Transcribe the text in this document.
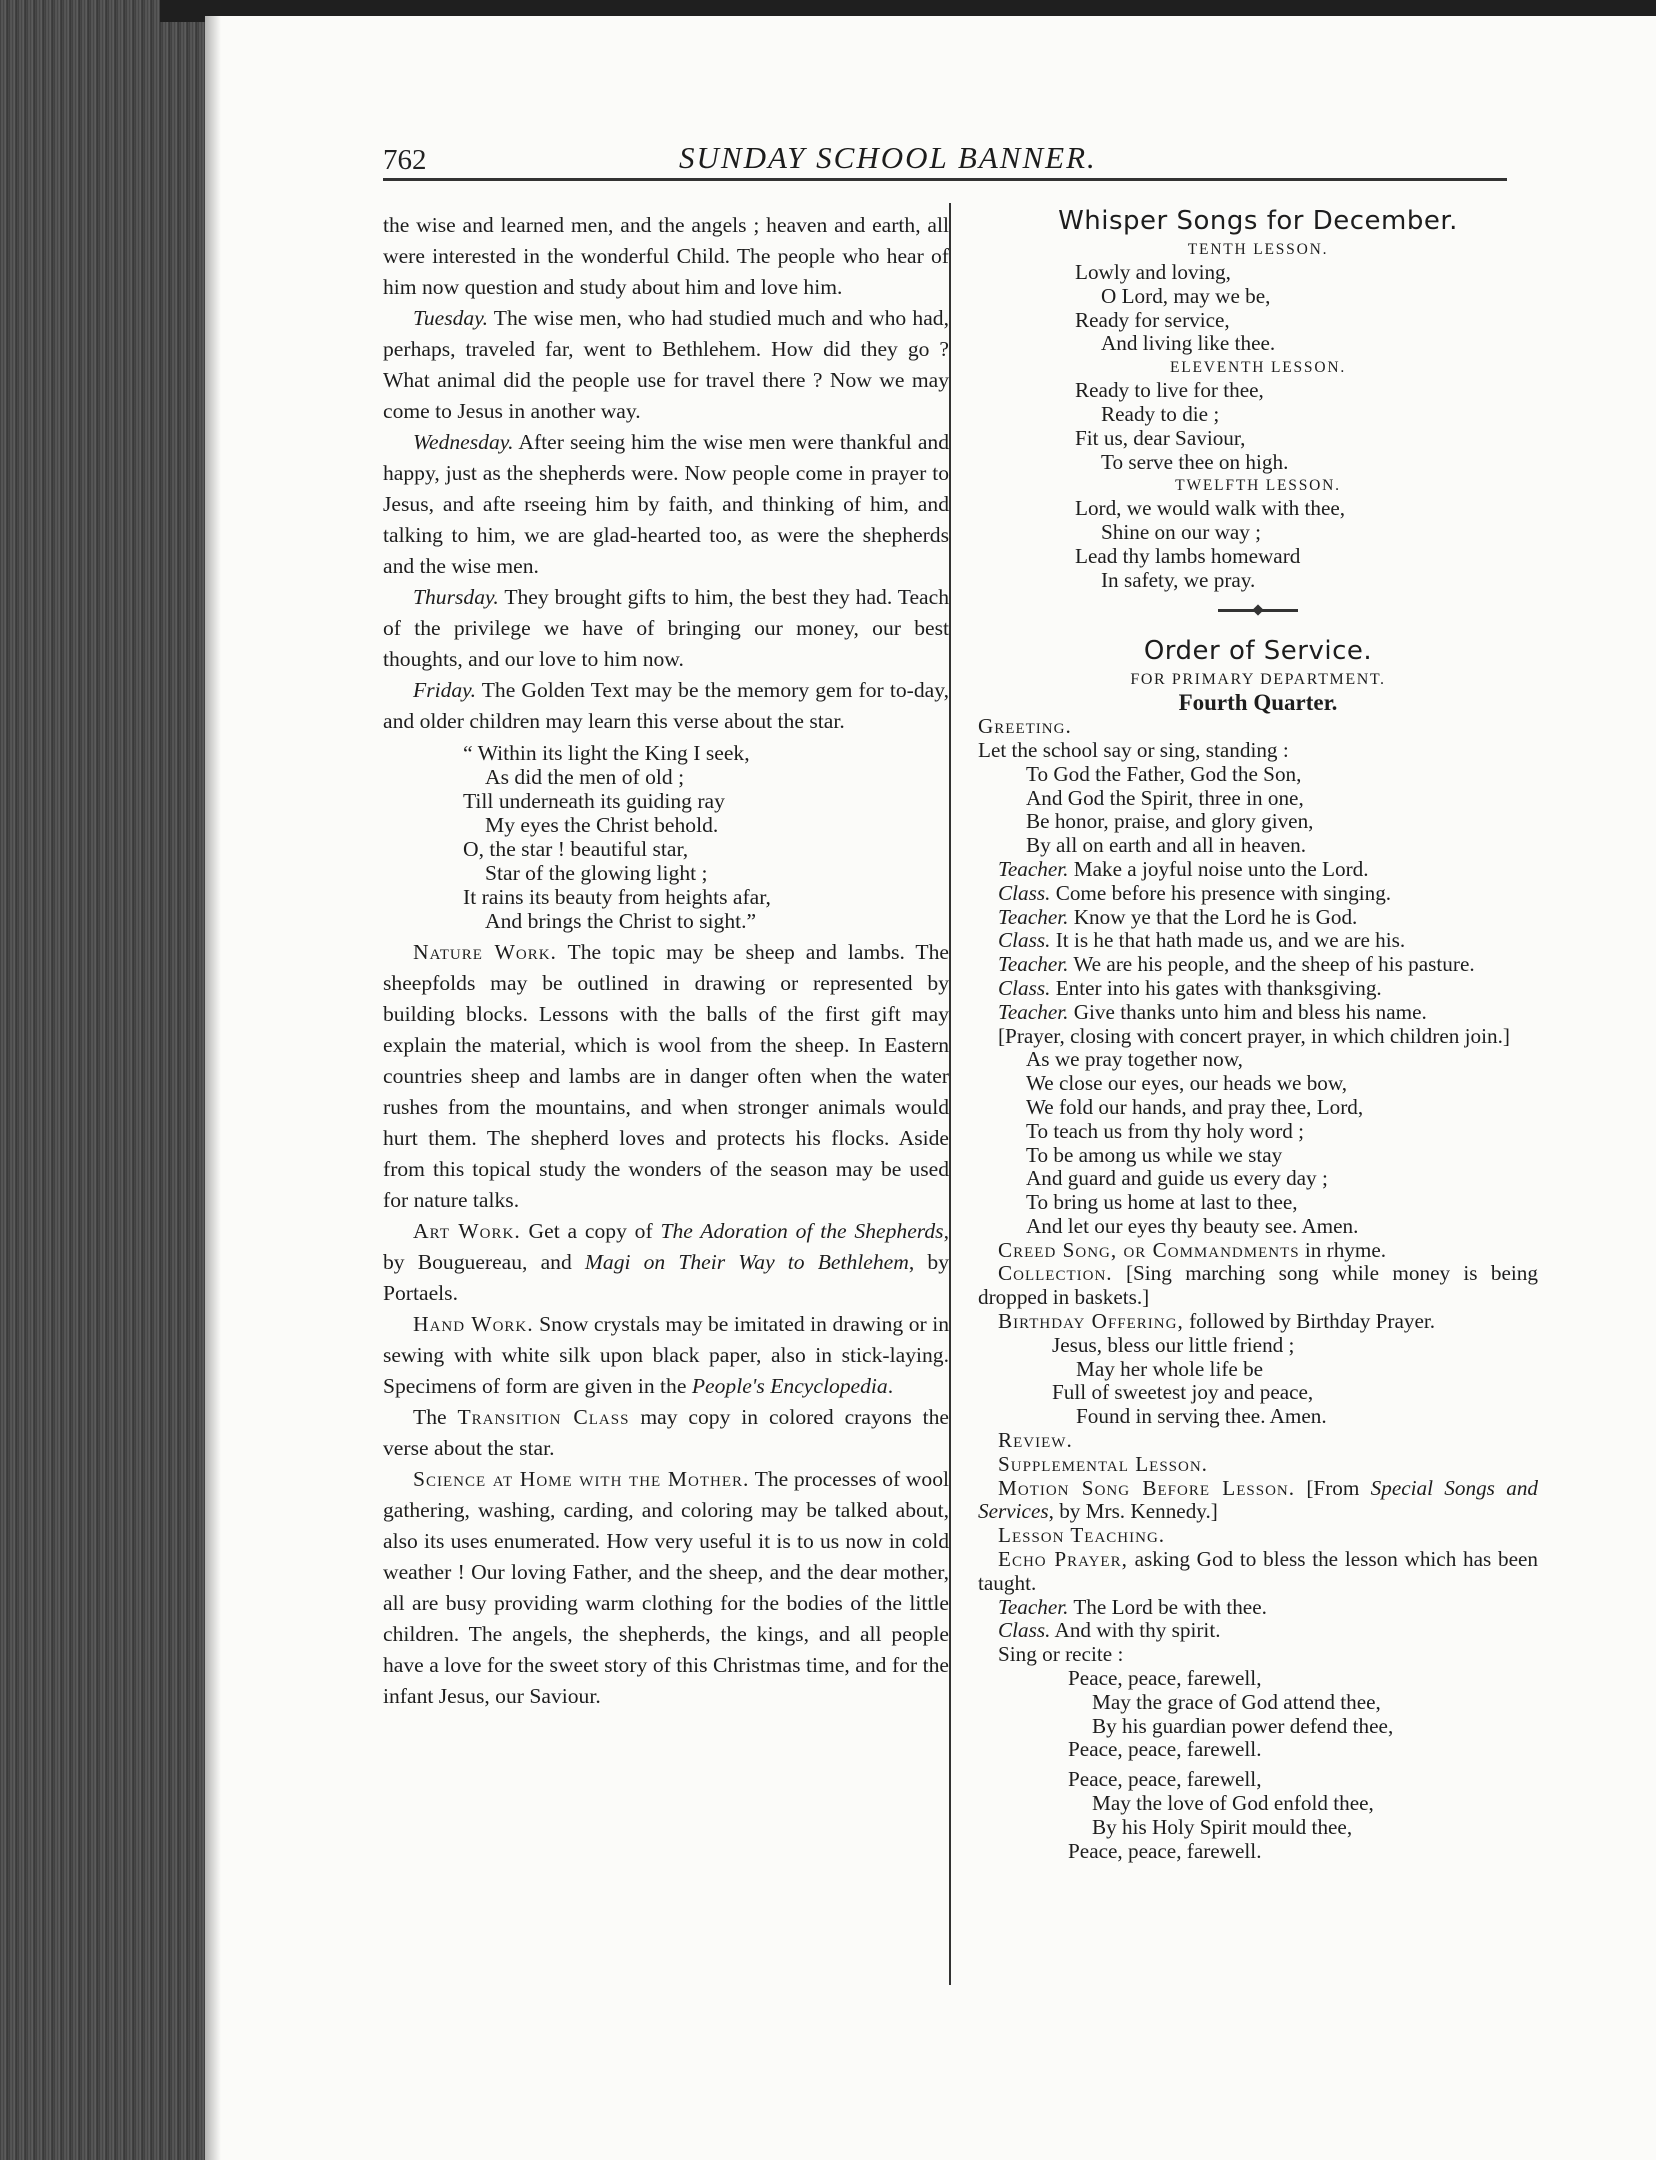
762	SUNDAY SCHOOL BANNER.

the wise and learned men, and the angels ; heaven and earth, all were interested in the wonderful Child. The people who hear of him now question and study about him and love him.

Tuesday. The wise men, who had studied much and who had, perhaps, traveled far, went to Bethlehem. How did they go ? What animal did the people use for travel there ? Now we may come to Jesus in another way.

Wednesday. After seeing him the wise men were thankful and happy, just as the shepherds were. Now people come in prayer to Jesus, and afte rseeing him by faith, and thinking of him, and talking to him, we are glad-hearted too, as were the shepherds and the wise men.

Thursday. They brought gifts to him, the best they had. Teach of the privilege we have of bringing our money, our best thoughts, and our love to him now.

Friday. The Golden Text may be the memory gem for to-day, and older children may learn this verse about the star.

“ Within its light the King I seek,
As did the men of old ;
Till underneath its guiding ray
My eyes the Christ behold.
O, the star ! beautiful star,
Star of the glowing light ;
It rains its beauty from heights afar,
And brings the Christ to sight.”

Nature Work. The topic may be sheep and lambs. The sheepfolds may be outlined in drawing or represented by building blocks. Lessons with the balls of the first gift may explain the material, which is wool from the sheep. In Eastern countries sheep and lambs are in danger often when the water rushes from the mountains, and when stronger animals would hurt them. The shepherd loves and protects his flocks. Aside from this topical study the wonders of the season may be used for nature talks.

Art Work. Get a copy of The Adoration of the Shepherds, by Bouguereau, and Magi on Their Way to Bethlehem, by Portaels.

Hand Work. Snow crystals may be imitated in drawing or in sewing with white silk upon black paper, also in stick-laying. Specimens of form are given in the People's Encyclopedia.

The Transition Class may copy in colored crayons the verse about the star.

Science at Home with the Mother. The processes of wool gathering, washing, carding, and coloring may be talked about, also its uses enumerated. How very useful it is to us now in cold weather ! Our loving Father, and the sheep, and the dear mother, all are busy providing warm clothing for the bodies of the little children. The angels, the shepherds, the kings, and all people have a love for the sweet story of this Christmas time, and for the infant Jesus, our Saviour.

Whisper Songs for December.

TENTH LESSON.

Lowly and loving,
O Lord, may we be,
Ready for service,
And living like thee.

ELEVENTH LESSON.

Ready to live for thee,
Ready to die ;
Fit us, dear Saviour,
To serve thee on high.

TWELFTH LESSON.

Lord, we would walk with thee,
Shine on our way ;
Lead thy lambs homeward
In safety, we pray.

Order of Service.

FOR PRIMARY DEPARTMENT.

Fourth Quarter.

Greeting.

Let the school say or sing, standing :

To God the Father, God the Son,
And God the Spirit, three in one,
Be honor, praise, and glory given,
By all on earth and all in heaven.

Teacher. Make a joyful noise unto the Lord.

Class. Come before his presence with singing.

Teacher. Know ye that the Lord he is God.

Class. It is he that hath made us, and we are his.

Teacher. We are his people, and the sheep of his pasture.

Class. Enter into his gates with thanksgiving.

Teacher. Give thanks unto him and bless his name.

[Prayer, closing with concert prayer, in which children join.]

As we pray together now,
We close our eyes, our heads we bow,
We fold our hands, and pray thee, Lord,
To teach us from thy holy word ;
To be among us while we stay
And guard and guide us every day ;
To bring us home at last to thee,
And let our eyes thy beauty see. Amen.

Creed Song, or Commandments in rhyme.

Collection. [Sing marching song while money is being dropped in baskets.]

Birthday Offering, followed by Birthday Prayer.

Jesus, bless our little friend ;
May her whole life be
Full of sweetest joy and peace,
Found in serving thee. Amen.

Review.

Supplemental Lesson.

Motion Song Before Lesson. [From Special Songs and Services, by Mrs. Kennedy.]

Lesson Teaching.

Echo Prayer, asking God to bless the lesson which has been taught.

Teacher. The Lord be with thee.

Class. And with thy spirit.

Sing or recite :

Peace, peace, farewell,
May the grace of God attend thee,
By his guardian power defend thee,
Peace, peace, farewell.
Peace, peace, farewell,
May the love of God enfold thee,
By his Holy Spirit mould thee,
Peace, peace, farewell.
